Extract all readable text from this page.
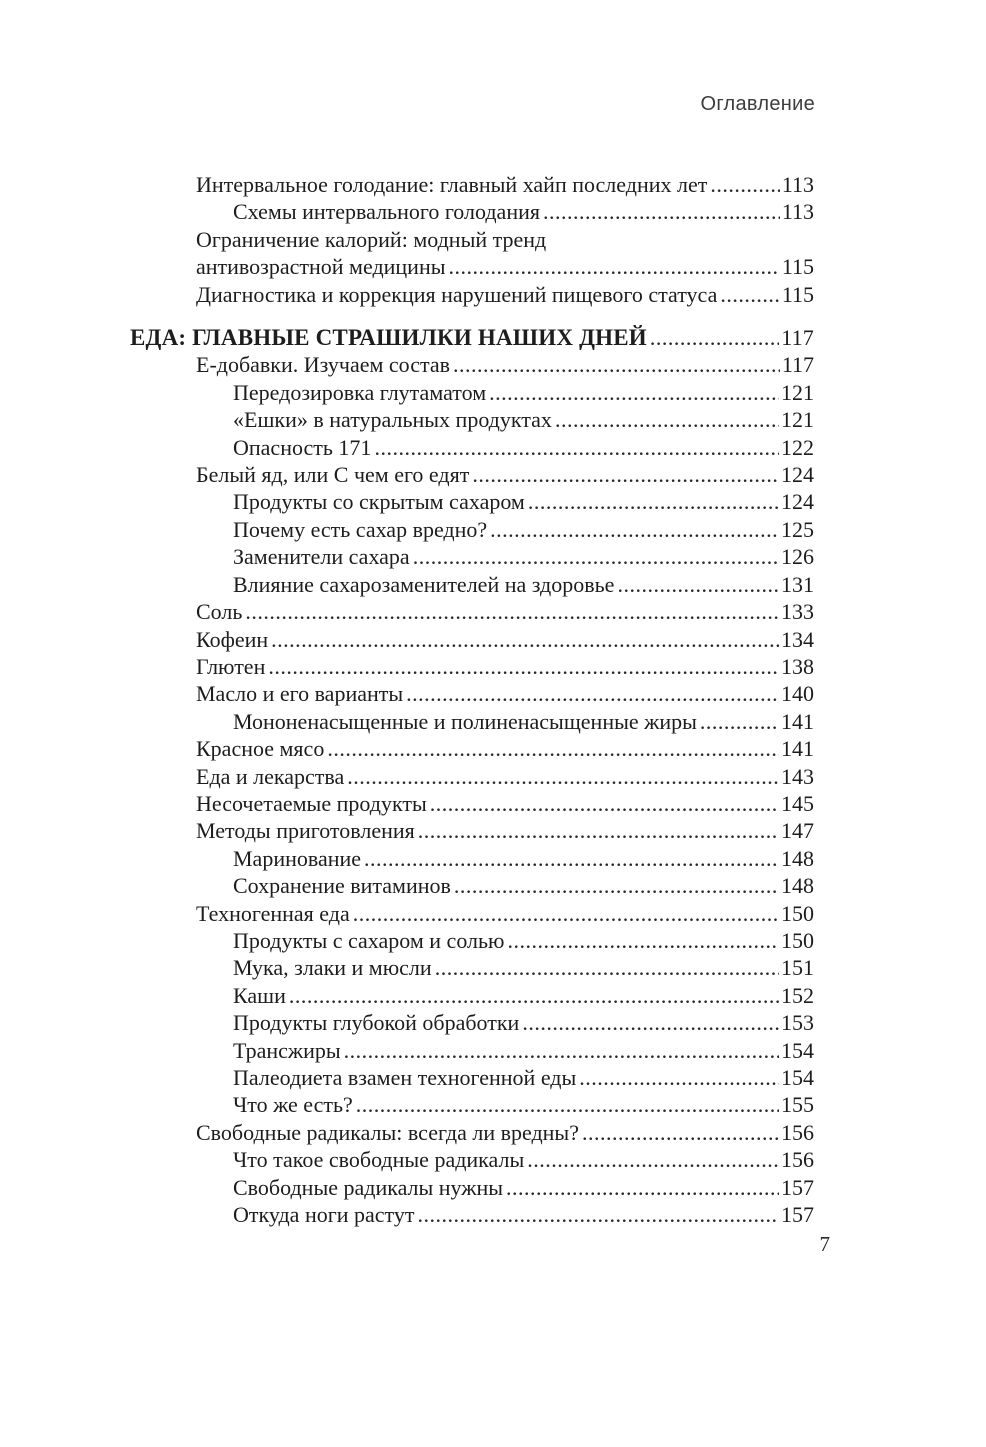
Оглавление
Интервальное голодание: главный хайп последних лет .....	113
Схемы интервального голодания .....	113
Ограничение калорий: модный тренд
антивозрастной медицины .....	115
Диагностика и коррекция нарушений пищевого статуса .....	115
ЕДА: ГЛАВНЫЕ СТРАШИЛКИ НАШИХ ДНЕЙ .....	117
Е-добавки. Изучаем состав .....	117
Передозировка глутаматом .....	121
«Ешки» в натуральных продуктах .....	121
Опасность 171 .....	122
Белый яд, или С чем его едят .....	124
Продукты со скрытым сахаром .....	124
Почему есть сахар вредно? .....	125
Заменители сахара .....	126
Влияние сахарозаменителей на здоровье .....	131
Соль .....	133
Кофеин .....	134
Глютен .....	138
Масло и его варианты .....	140
Мононенасыщенные и полиненасыщенные жиры .....	141
Красное мясо .....	141
Еда и лекарства .....	143
Несочетаемые продукты .....	145
Методы приготовления .....	147
Маринование .....	148
Сохранение витаминов .....	148
Техногенная еда .....	150
Продукты с сахаром и солью .....	150
Мука, злаки и мюсли .....	151
Каши .....	152
Продукты глубокой обработки .....	153
Трансжиры .....	154
Палеодиета взамен техногенной еды .....	154
Что же есть? .....	155
Свободные радикалы: всегда ли вредны? .....	156
Что такое свободные радикалы .....	156
Свободные радикалы нужны .....	157
Откуда ноги растут .....	157
7
